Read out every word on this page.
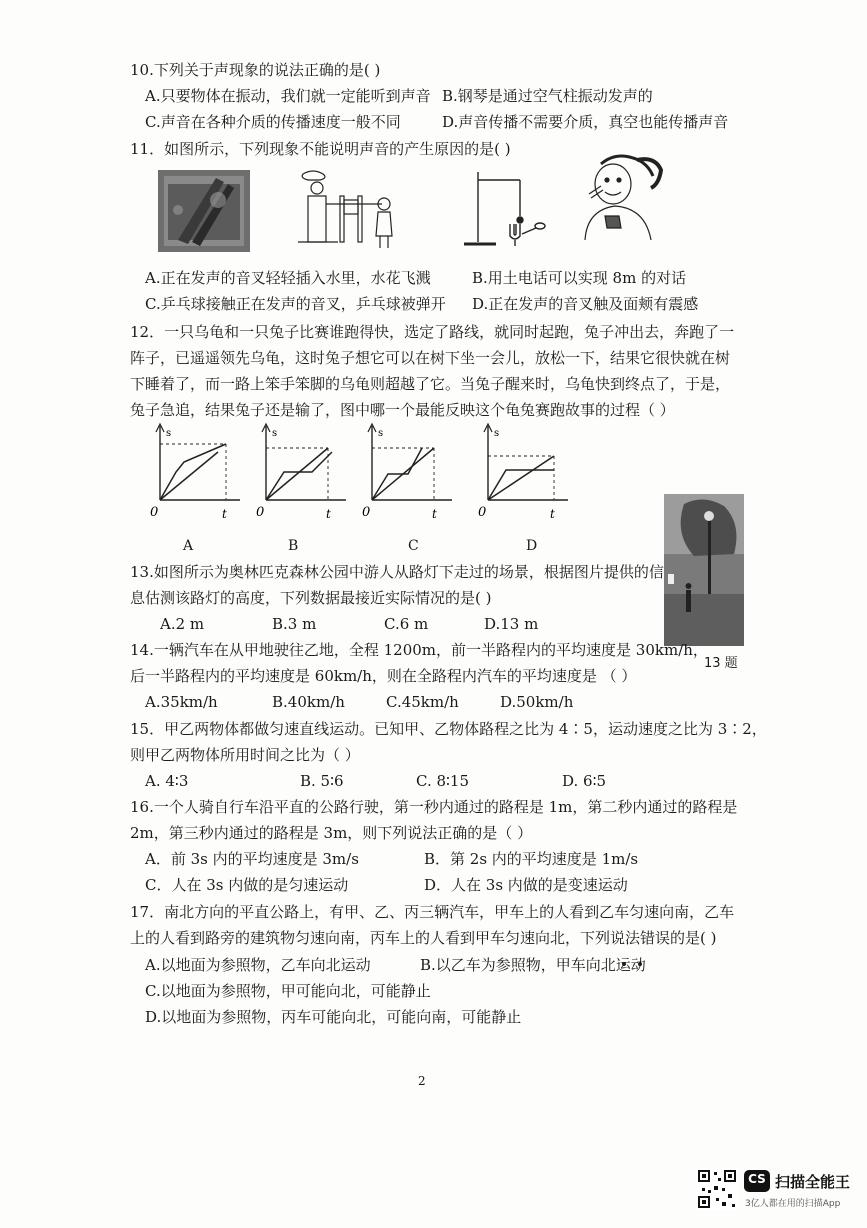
10.下列关于声现象的说法正确的是( )
A.只要物体在振动，我们就一定能听到声音 B.钢琴是通过空气柱振动发声的
C.声音在各种介质的传播速度一般不同	D.声音传播不需要介质，真空也能传播声音
11．如图所示，下列现象不能说明声音的产生原因的是( )
A.正在发声的音叉轻轻插入水里，水花飞溅	B.用土电话可以实现 8m 的对话
C.乒乓球接触正在发声的音叉，乒乓球被弹开 D.正在发声的音叉触及面颊有震感
12．一只乌龟和一只兔子比赛谁跑得快，选定了路线，就同时起跑，兔子冲出去，奔跑了一
阵子，已遥遥领先乌龟，这时兔子想它可以在树下坐一会儿，放松一下，结果它很快就在树
下睡着了，而一路上笨手笨脚的乌龟则超越了它。当兔子醒来时，乌龟快到终点了，于是，
兔子急追，结果兔子还是输了，图中哪一个最能反映这个龟兔赛跑故事的过程（ ）
s
0	t
s
0	t
s
0	t
s
0	t
A	B	C	D
13 题
13.如图所示为奥林匹克森林公园中游人从路灯下走过的场景，根据图片提供的信
息估测该路灯的高度，下列数据最接近实际情况的是( )
A.2 m	B.3 m	C.6 m	D.13 m
14.一辆汽车在从甲地驶往乙地，全程 1200m，前一半路程内的平均速度是 30km/h，
后一半路程内的平均速度是 60km/h，则在全路程内汽车的平均速度是 （ ）
A.35km/h	B.40km/h	C.45km/h	D.50km/h
15．甲乙两物体都做匀速直线运动。已知甲、乙物体路程之比为 4∶5，运动速度之比为 3∶2，
则甲乙两物体所用时间之比为（ ）
A. 4∶3	B. 5∶6	C. 8∶15	D. 6∶5
16.一个人骑自行车沿平直的公路行驶，第一秒内通过的路程是 1m，第二秒内通过的路程是
2m，第三秒内通过的路程是 3m，则下列说法正确的是（ ）
A．前 3s 内的平均速度是 3m/s	B．第 2s 内的平均速度是 1m/s
C．人在 3s 内做的是匀速运动	D．人在 3s 内做的是变速运动
17．南北方向的平直公路上，有甲、乙、丙三辆汽车，甲车上的人看到乙车匀速向南，乙车
上的人看到路旁的建筑物匀速向南，丙车上的人看到甲车匀速向北，下列说法错误的是( )
A.以地面为参照物，乙车向北运动	B.以乙车为参照物，甲车向北运动
C.以地面为参照物，甲可能向北，可能静止
D.以地面为参照物，丙车可能向北，可能向南，可能静止
2
CS 扫描全能王
3亿人都在用的扫描App
